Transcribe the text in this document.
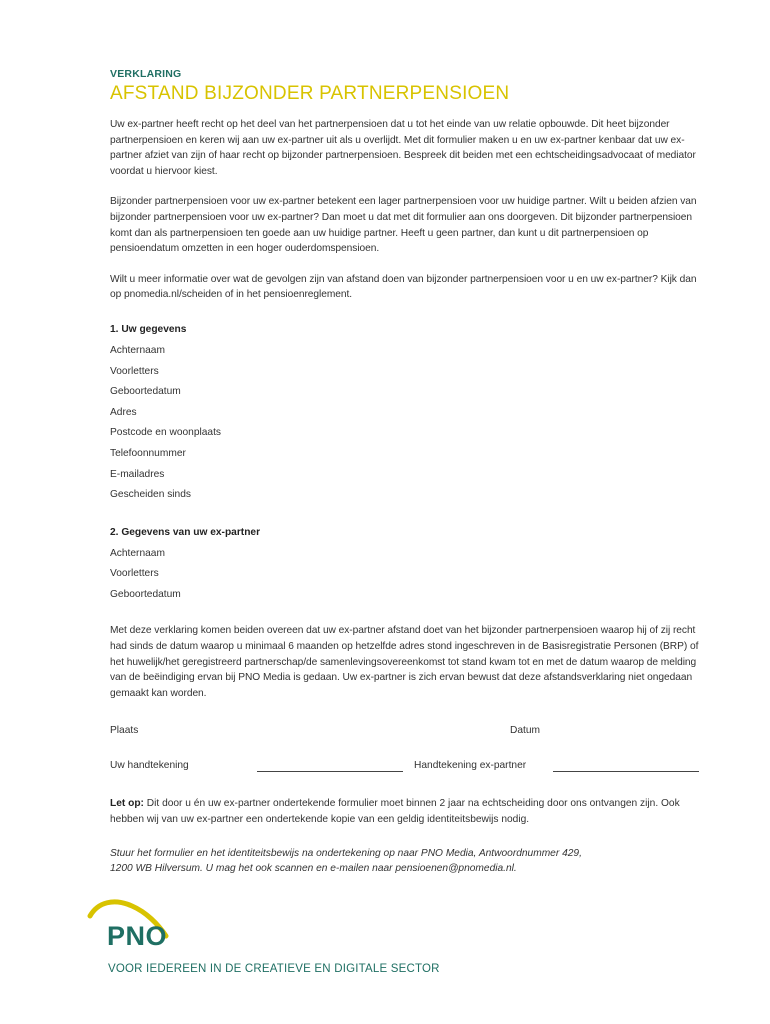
VERKLARING

AFSTAND BIJZONDER PARTNERPENSIOEN

Uw ex-partner heeft recht op het deel van het partnerpensioen dat u tot het einde van uw relatie opbouwde. Dit heet bijzonder partnerpensioen en keren wij aan uw ex-partner uit als u overlijdt. Met dit formulier maken u en uw ex-partner kenbaar dat uw ex-partner afziet van zijn of haar recht op bijzonder partnerpensioen. Bespreek dit beiden met een echtscheidingsadvocaat of mediator voordat u hiervoor kiest.

Bijzonder partnerpensioen voor uw ex-partner betekent een lager partnerpensioen voor uw huidige partner. Wilt u beiden afzien van bijzonder partnerpensioen voor uw ex-partner? Dan moet u dat met dit formulier aan ons doorgeven. Dit bijzonder partnerpensioen komt dan als partnerpensioen ten goede aan uw huidige partner. Heeft u geen partner, dan kunt u dit partnerpensioen op pensioendatum omzetten in een hoger ouderdomspensioen.

Wilt u meer informatie over wat de gevolgen zijn van afstand doen van bijzonder partnerpensioen voor u en uw ex-partner? Kijk dan op pnomedia.nl/scheiden of in het pensioenreglement.

1. Uw gegevens
Achternaam
Voorletters
Geboortedatum
Adres
Postcode en woonplaats
Telefoonnummer
E-mailadres
Gescheiden sinds
2. Gegevens van uw ex-partner
Achternaam
Voorletters
Geboortedatum

Met deze verklaring komen beiden overeen dat uw ex-partner afstand doet van het bijzonder partnerpensioen waarop hij of zij recht had sinds de datum waarop u minimaal 6 maanden op hetzelfde adres stond ingeschreven in de Basisregistratie Personen (BRP) of het huwelijk/het geregistreerd partnerschap/de samenlevingsovereenkomst tot stand kwam tot en met de datum waarop de melding van de beëindiging ervan bij PNO Media is gedaan. Uw ex-partner is zich ervan bewust dat deze afstandsverklaring niet ongedaan gemaakt kan worden.

Plaats	Datum
Uw handtekening	Handtekening ex-partner

Let op: Dit door u én uw ex-partner ondertekende formulier moet binnen 2 jaar na echtscheiding door ons ontvangen zijn. Ook hebben wij van uw ex-partner een ondertekende kopie van een geldig identiteitsbewijs nodig.

Stuur het formulier en het identiteitsbewijs na ondertekening op naar PNO Media, Antwoordnummer 429,
1200 WB Hilversum. U mag het ook scannen en e-mailen naar pensioenen@pnomedia.nl.

PNO
VOOR IEDEREEN IN DE CREATIEVE EN DIGITALE SECTOR
